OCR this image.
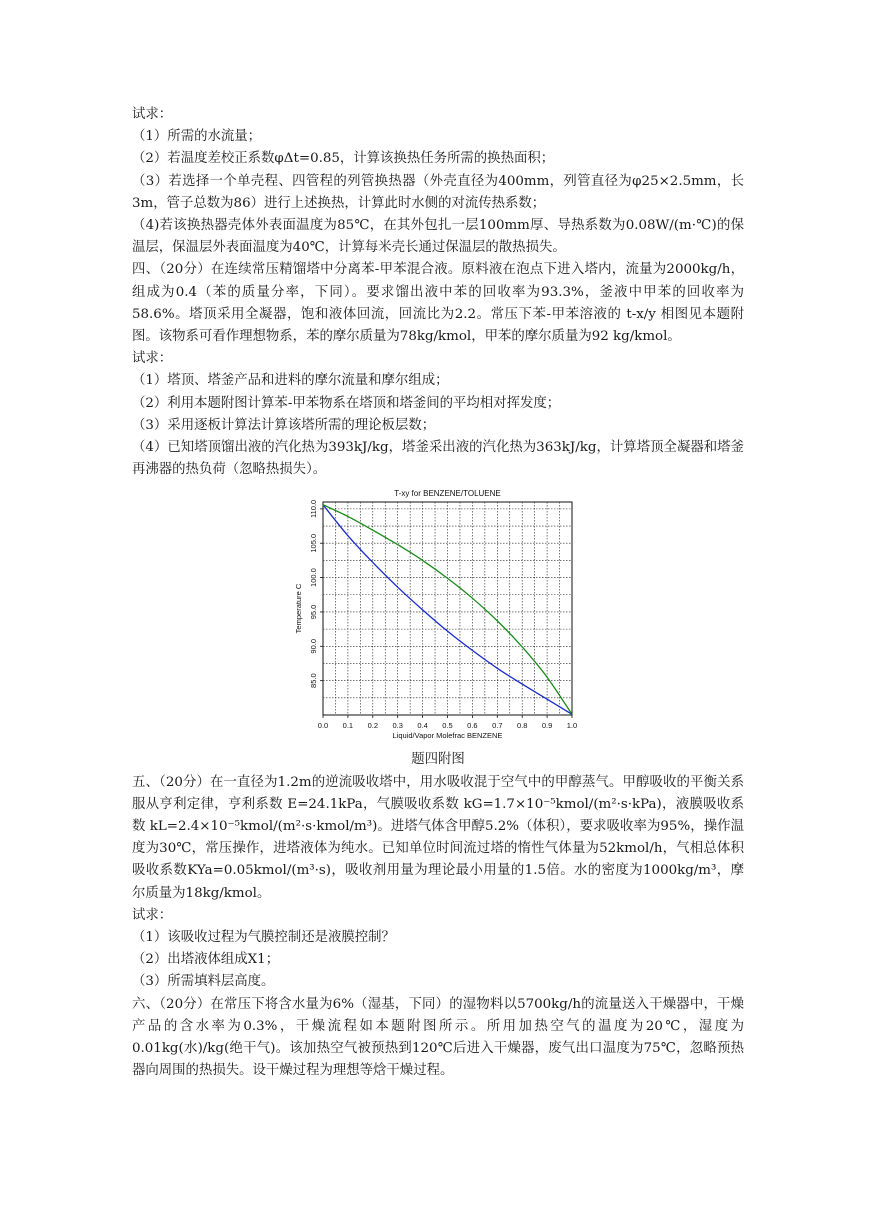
试求：

（1）所需的水流量；

（2）若温度差校正系数φΔt=0.85，计算该换热任务所需的换热面积；

（3）若选择一个单壳程、四管程的列管换热器（外壳直径为400mm，列管直径为φ25×2.5mm，长3m，管子总数为86）进行上述换热，计算此时水侧的对流传热系数；

（4)若该换热器壳体外表面温度为85℃，在其外包扎一层100mm厚、导热系数为0.08W/(m·℃)的保温层，保温层外表面温度为40℃，计算每米壳长通过保温层的散热损失。

四、（20分）在连续常压精馏塔中分离苯-甲苯混合液。原料液在泡点下进入塔内，流量为2000kg/h，组成为0.4（苯的质量分率，下同）。要求馏出液中苯的回收率为93.3%，釜液中甲苯的回收率为58.6%。塔顶采用全凝器，饱和液体回流，回流比为2.2。常压下苯-甲苯溶液的 t-x/y 相图见本题附图。该物系可看作理想物系，苯的摩尔质量为78kg/kmol，甲苯的摩尔质量为92 kg/kmol。

试求：

（1）塔顶、塔釜产品和进料的摩尔流量和摩尔组成；

（2）利用本题附图计算苯-甲苯物系在塔顶和塔釜间的平均相对挥发度；

（3）采用逐板计算法计算该塔所需的理论板层数；

（4）已知塔顶馏出液的汽化热为393kJ/kg，塔釜采出液的汽化热为363kJ/kg，计算塔顶全凝器和塔釜再沸器的热负荷（忽略热损失）。

T-xy for BENZENE/TOLUENE
0.0 0.1 0.2 0.3 0.4 0.5 0.6 0.7 0.8 0.9 1.0
85.0
90.0
95.0
100.0
105.0
110.0
Liquid/Vapor Molefrac BENZENE
Temperature C

题四附图

五、（20分）在一直径为1.2m的逆流吸收塔中，用水吸收混于空气中的甲醇蒸气。甲醇吸收的平衡关系服从亨利定律，亨利系数 E=24.1kPa，气膜吸收系数 kG=1.7×10⁻⁵kmol/(m²·s·kPa)，液膜吸收系数 kL=2.4×10⁻⁵kmol/(m²·s·kmol/m³)。进塔气体含甲醇5.2%（体积），要求吸收率为95%，操作温度为30℃，常压操作，进塔液体为纯水。已知单位时间流过塔的惰性气体量为52kmol/h，气相总体积吸收系数KYa=0.05kmol/(m³·s)，吸收剂用量为理论最小用量的1.5倍。水的密度为1000kg/m³，摩尔质量为18kg/kmol。

试求：

（1）该吸收过程为气膜控制还是液膜控制？

（2）出塔液体组成X1；

（3）所需填料层高度。

六、（20分）在常压下将含水量为6%（湿基，下同）的湿物料以5700kg/h的流量送入干燥器中，干燥产品的含水率为0.3%，干燥流程如本题附图所示。所用加热空气的温度为20℃，湿度为0.01kg(水)/kg(绝干气)。该加热空气被预热到120℃后进入干燥器，废气出口温度为75℃，忽略预热器向周围的热损失。设干燥过程为理想等焓干燥过程。
